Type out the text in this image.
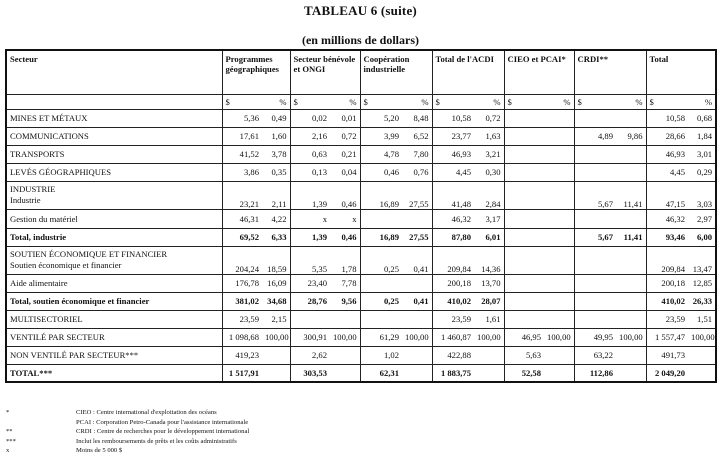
TABLEAU 6 (suite)
(en millions de dollars)
Secteur	Programmes géographiques		Secteur bénévole et ONGI		Coopération industrielle		Total de l'ACDI		CIEO et PCAI*		CRDI**		Total	
	$	%	$	%	$	%	$	%	$	%	$	%	$	%
MINES ET MÉTAUX	5,36	0,49	0,02	0,01	5,20	8,48	10,58	0,72					10,58	0,68
COMMUNICATIONS	17,61	1,60	2,16	0,72	3,99	6,52	23,77	1,63			4,89	9,86	28,66	1,84
TRANSPORTS	41,52	3,78	0,63	0,21	4,78	7,80	46,93	3,21					46,93	3,01
LEVÉS GÉOGRAPHIQUES	3,86	0,35	0,13	0,04	0,46	0,76	4,45	0,30					4,45	0,29

INDUSTRIE
Industrie	23,21	2,11	1,39	0,46	16,89	27,55	41,48	2,84			5,67	11,41	47,15	3,03
Gestion du matériel	46,31	4,22	x	x			46,32	3,17					46,32	2,97
Total, industrie	69,52	6,33	1,39	0,46	16,89	27,55	87,80	6,01			5,67	11,41	93,46	6,00

SOUTIEN ÉCONOMIQUE ET FINANCIER
Soutien économique et financier	204,24	18,59	5,35	1,78	0,25	0,41	209,84	14,36					209,84	13,47
Aide alimentaire	176,78	16,09	23,40	7,78			200,18	13,70					200,18	12,85
Total, soutien économique et financier	381,02	34,68	28,76	9,56	0,25	0,41	410,02	28,07					410,02	26,33
MULTISECTORIEL	23,59	2,15					23,59	1,61					23,59	1,51
VENTILÉ PAR SECTEUR	1 098,68	100,00	300,91	100,00	61,29	100,00	1 460,87	100,00	46,95	100,00	49,95	100,00	1 557,47	100,00
NON VENTILÉ PAR SECTEUR***	419,23		2,62		1,02		422,88		5,63		63,22		491,73	
TOTAL***	1 517,91		303,53		62,31		1 883,75		52,58		112,86		2 049,20	
*	CIEO : Centre international d'exploitation des océans
PCAI : Corporation Petro-Canada pour l'assistance internationale
**	CRDI : Centre de recherches pour le développement international
***	Inclut les remboursements de prêts et les coûts administratifs
x	Moins de 5 000 $
